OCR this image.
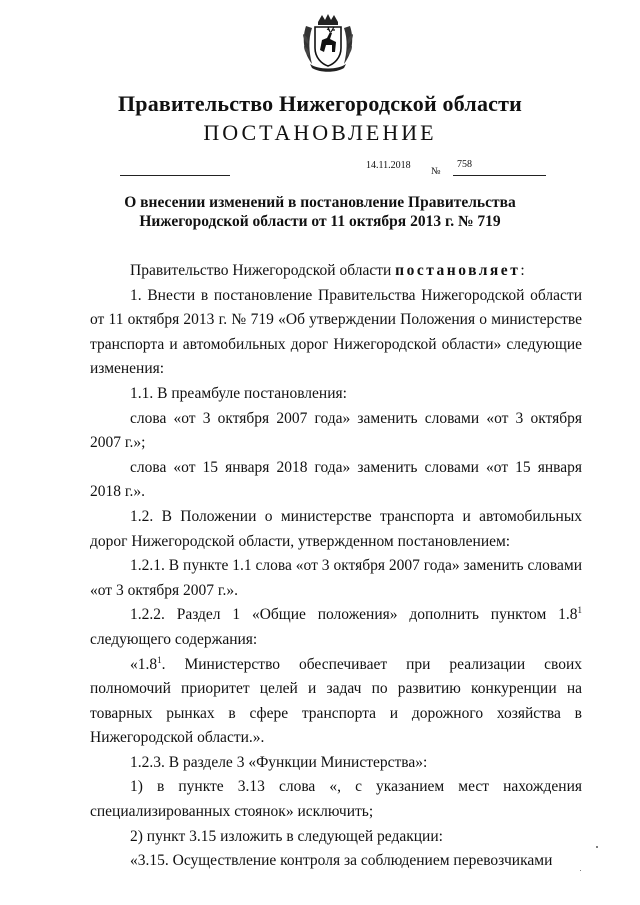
Правительство Нижегородской области
ПОСТАНОВЛЕНИЕ
14.11.2018
№
758
О внесении изменений в постановление Правительства
Нижегородской области от 11 октября 2013 г. № 719

Правительство Нижегородской области постановляет:

1. Внести в постановление Правительства Нижегородской области от 11 октября 2013 г. № 719 «Об утверждении Положения о министерстве транспорта и автомобильных дорог Нижегородской области» следующие изменения:

1.1. В преамбуле постановления:

слова «от 3 октября 2007 года» заменить словами «от 3 октября 2007 г.»;

слова «от 15 января 2018 года» заменить словами «от 15 января 2018 г.».

1.2. В Положении о министерстве транспорта и автомобильных дорог Нижегородской области, утвержденном постановлением:

1.2.1. В пункте 1.1 слова «от 3 октября 2007 года» заменить словами «от 3 октября 2007 г.».

1.2.2. Раздел 1 «Общие положения» дополнить пунктом $1.8^1$ следующего содержания:

«$1.8^1$. Министерство обеспечивает при реализации своих полномочий приоритет целей и задач по развитию конкуренции на товарных рынках в сфере транспорта и дорожного хозяйства в Нижегородской области.».

1.2.3. В разделе 3 «Функции Министерства»:

1) в пункте 3.13 слова «, с указанием мест нахождения специализированных стоянок» исключить;

2) пункт 3.15 изложить в следующей редакции:

«3.15. Осуществление контроля за соблюдением перевозчиками
